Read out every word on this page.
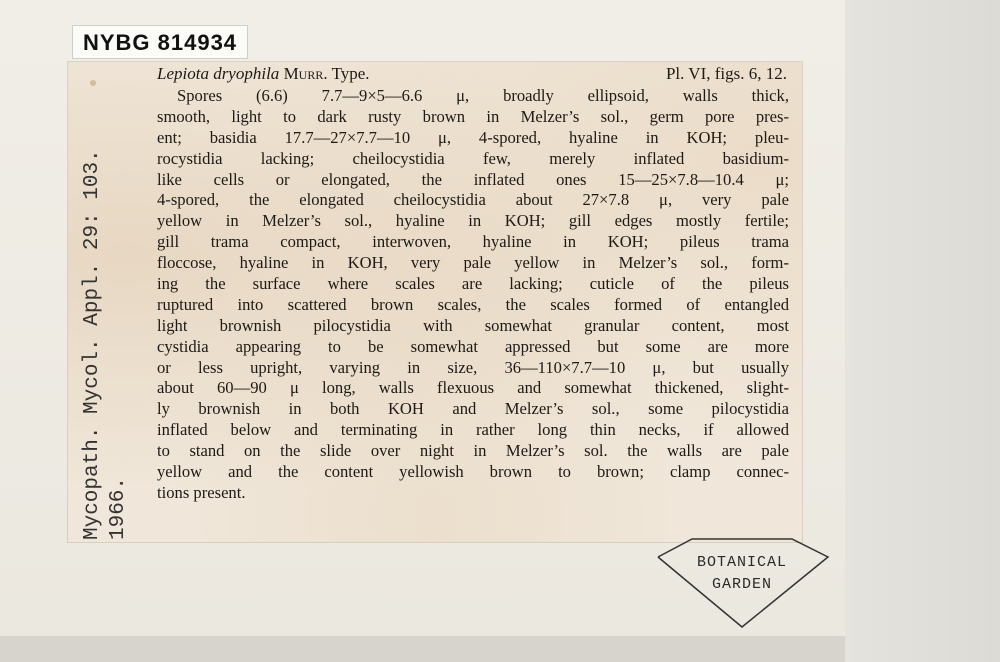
NYBG 814934
Mycopath. Mycol. Appl. 29: 103. 1966.
Lepiota dryophila Murr. Type.	Pl. VI, figs. 6, 12.
Spores (6.6) 7.7—9×5—6.6 μ, broadly ellipsoid, walls thick,
smooth, light to dark rusty brown in Melzer’s sol., germ pore pres-
ent; basidia 17.7—27×7.7—10 μ, 4-spored, hyaline in KOH; pleu-
rocystidia lacking; cheilocystidia few, merely inflated basidium-
like cells or elongated, the inflated ones 15—25×7.8—10.4 μ;
4-spored, the elongated cheilocystidia about 27×7.8 μ, very pale
yellow in Melzer’s sol., hyaline in KOH; gill edges mostly fertile;
gill trama compact, interwoven, hyaline in KOH; pileus trama
floccose, hyaline in KOH, very pale yellow in Melzer’s sol., form-
ing the surface where scales are lacking; cuticle of the pileus
ruptured into scattered brown scales, the scales formed of entangled
light brownish pilocystidia with somewhat granular content, most
cystidia appearing to be somewhat appressed but some are more
or less upright, varying in size, 36—110×7.7—10 μ, but usually
about 60—90 μ long, walls flexuous and somewhat thickened, slight-
ly brownish in both KOH and Melzer’s sol., some pilocystidia
inflated below and terminating in rather long thin necks, if allowed
to stand on the slide over night in Melzer’s sol. the walls are pale
yellow and the content yellowish brown to brown; clamp connec-
tions present.
BOTANICAL
GARDEN
